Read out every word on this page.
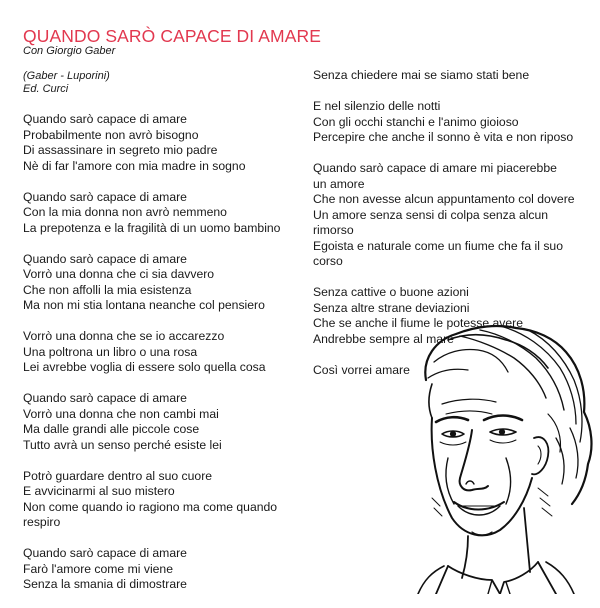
QUANDO SARÒ CAPACE DI AMARE
Con Giorgio Gaber
(Gaber - Luporini)
Ed. Curci
Quando sarò capace di amare
Probabilmente non avrò bisogno
Di assassinare in segreto mio padre
Nè di far l'amore con mia madre in sogno
Quando sarò capace di amare
Con la mia donna non avrò nemmeno
La prepotenza e la fragilità di un uomo bambino
Quando sarò capace di amare
Vorrò una donna che ci sia davvero
Che non affolli la mia esistenza
Ma non mi stia lontana neanche col pensiero
Vorrò una donna che se io accarezzo
Una poltrona un libro o una rosa
Lei avrebbe voglia di essere solo quella cosa
Quando sarò capace di amare
Vorrò una donna che non cambi mai
Ma dalle grandi alle piccole cose
Tutto avrà un senso perché esiste lei
Potrò guardare dentro al suo cuore
E avvicinarmi al suo mistero
Non come quando io ragiono ma come quando
respiro
Quando sarò capace di amare
Farò l'amore come mi viene
Senza la smania di dimostrare
Senza chiedere mai se siamo stati bene
E nel silenzio delle notti
Con gli occhi stanchi e l'animo gioioso
Percepire che anche il sonno è vita e non riposo
Quando sarò capace di amare mi piacerebbe
un amore
Che non avesse alcun appuntamento col dovere
Un amore senza sensi di colpa senza alcun
rimorso
Egoista e naturale come un fiume che fa il suo
corso
Senza cattive o buone azioni
Senza altre strane deviazioni
Che se anche il fiume le potesse avere
Andrebbe sempre al mare
Così vorrei amare
